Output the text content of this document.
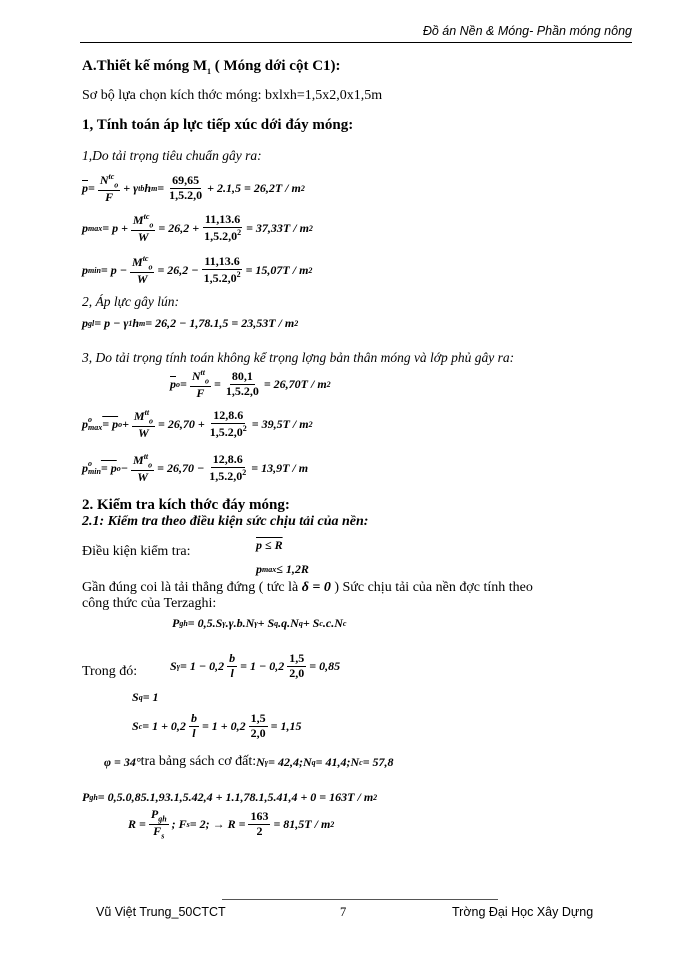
Đồ án Nền & Móng- Phần móng nông
A.Thiết kế móng $M_1$ ( Móng dới cột C1):
Sơ bộ lựa chọn kích thớc móng: bxlxh=1,5x2,0x1,5m
1, Tính toán áp lực tiếp xúc dới đáy móng:
1,Do tải trọng tiêu chuẩn gây ra:
$\overline{p} = \frac{N^{tc}_o}{F} + \gamma$ tb h $m = \frac{69,65}{1,5.2,0} + 2.1,5 = 26,2T / m$ 2
p $\max = p + \frac{M^{tc}_o}{W} = 26,2 + \frac{11,13.6}{1,5.2,0^2} = 37,33T / m$ 2
p $\min = p - \frac{M^{tc}_o}{W} = 26,2 - \frac{11,13.6}{1,5.2,0^2} = 15,07T / m$ 2
2, Áp lực gây lún:
p gl = p − γ 1 h m = 26,2 − 1,78.1,5 = 23,53T / m 2
3, Do tải trọng tính toán không kể trọng lợng bản thân móng và lớp phủ gây ra:
$\overline{p}$ $o = \frac{N^{tt}_o}{F} = \frac{80,1}{1,5.2,0} = 26,70T / m$ 2
p o
max = p $o + \frac{M^{tt}_o}{W} = 26,70 + \frac{12,8.6}{1,5.2,0^2} = 39,5T / m$ 2
p o
min = p $o - \frac{M^{tt}_o}{W} = 26,70 - \frac{12,8.6}{1,5.2,0^2} = 13,9T / m$
2. Kiểm tra kích thớc đáy móng:
2.1: Kiểm tra theo điều kiện sức chịu tải của nền:
Điều kiện kiểm tra:	p ≤ R
p max ≤ 1,2R
Gần đúng coi là tải thẳng đứng ( tức là δ = 0 ) Sức chịu tải của nền đợc tính theo
công thức của Terzaghi:
P gh = 0,5.S γ .γ.b.N γ + S q .q.N q + S c .c.N c
Trong đó:	S $\gamma = 1 - 0,2 \frac{b}{l} = 1 - 0,2 \frac{1,5}{2,0} = 0,85$
S q = 1
S $c = 1 + 0,2 \frac{b}{l} = 1 + 0,2 \frac{1,5}{2,0} = 1,15$
φ = 34° tra bảng sách cơ đất: N γ = 42,4 ; N q = 41,4 ; N c = 57,8
P gh = 0,5.0,85.1,93.1,5.42,4 + 1.1,78.1,5.41,4 + 0 = 163T / m 2
$R = \frac{P_{gh}}{F_s}$ ; F s = 2; → $R = \frac{163}{2} = 81,5T / m$ 2
Vũ Việt Trung_50CTCT	7	Trờng Đại Học Xây Dựng
